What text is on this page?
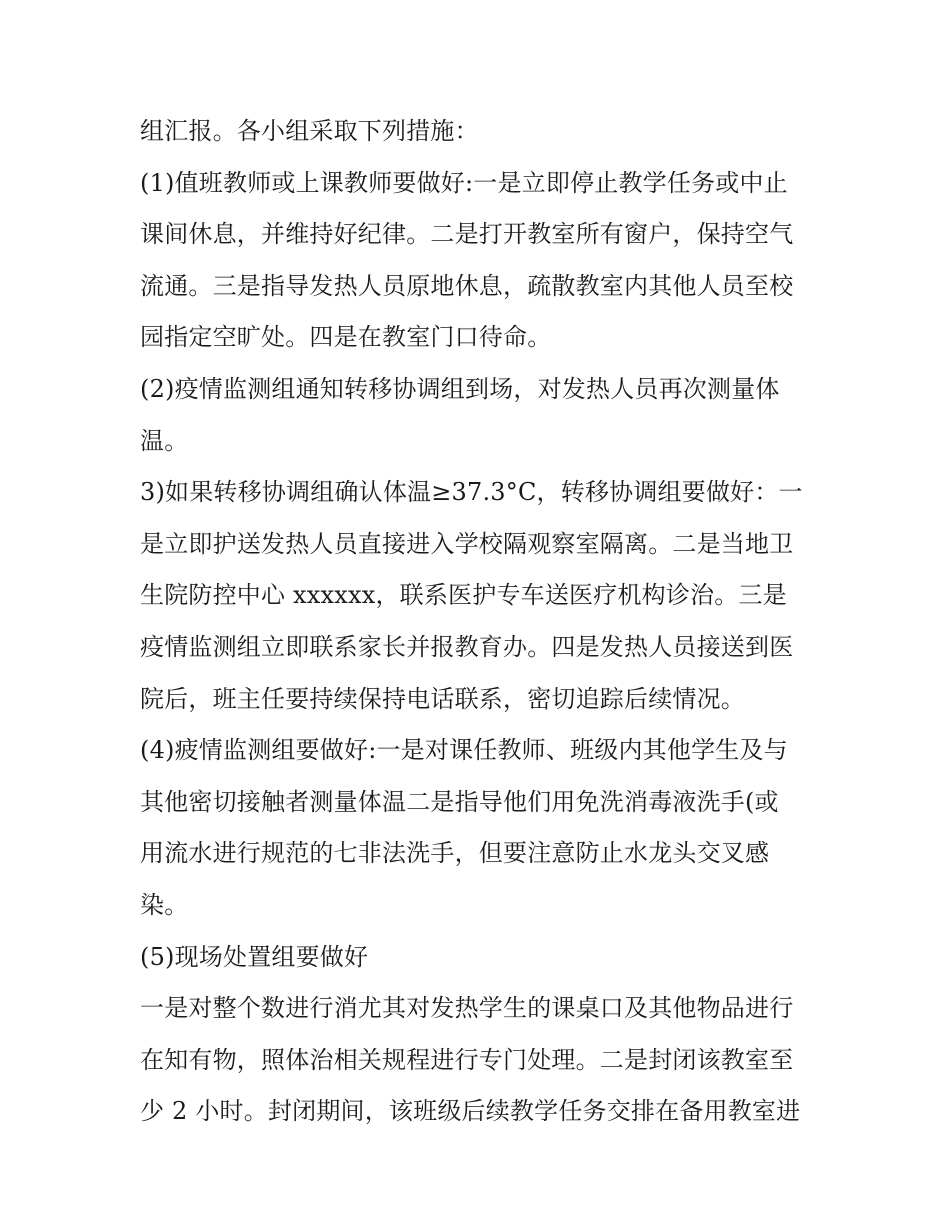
组汇报。各小组采取下列措施：
(1)值班教师或上课教师要做好:一是立即停止教学任务或中止
课间休息，并维持好纪律。二是打开教室所有窗户，保持空气
流通。三是指导发热人员原地休息，疏散教室内其他人员至校
园指定空旷处。四是在教室门口待命。
(2)疫情监测组通知转移协调组到场，对发热人员再次测量体
温。
3)如果转移协调组确认体温≥37.3°C，转移协调组要做好：一
是立即护送发热人员直接进入学校隔观察室隔离。二是当地卫
生院防控中心 xxxxxx，联系医护专车送医疗机构诊治。三是
疫情监测组立即联系家长并报教育办。四是发热人员接送到医
院后，班主任要持续保持电话联系，密切追踪后续情况。
(4)疲情监测组要做好:一是对课任教师、班级内其他学生及与
其他密切接触者测量体温二是指导他们用免洗消毒液洗手(或
用流水进行规范的七非法洗手，但要注意防止水龙头交叉感
染。
(5)现场处置组要做好
一是对整个数进行消尤其对发热学生的课桌口及其他物品进行
在知有物，照体治相关规程进行专门处理。二是封闭该教室至
少 2 小时。封闭期间，该班级后续教学任务交排在备用教室进
